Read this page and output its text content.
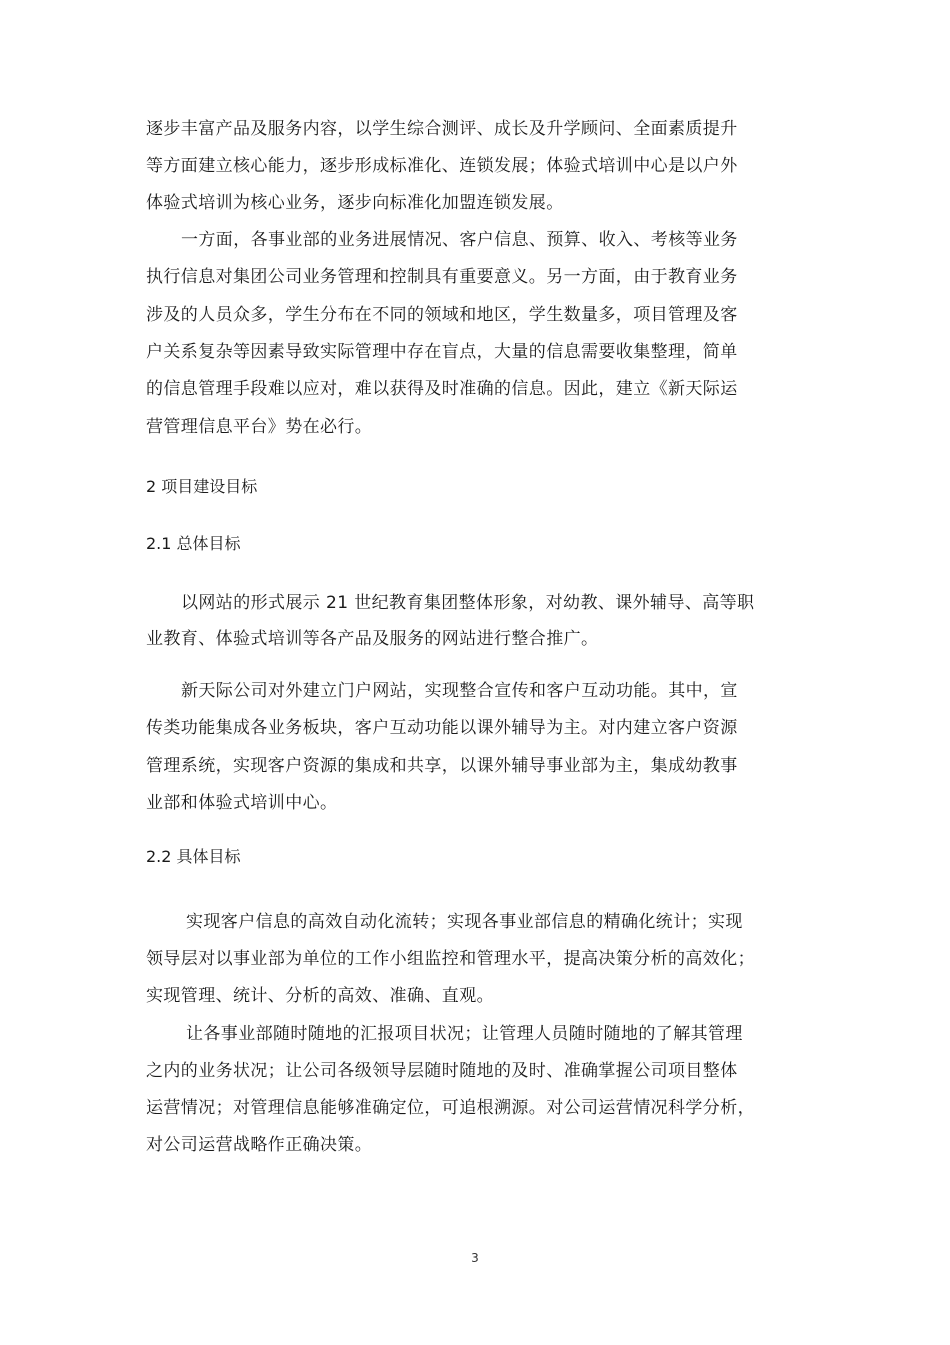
逐步丰富产品及服务内容，以学生综合测评、成长及升学顾问、全面素质提升
等方面建立核心能力，逐步形成标准化、连锁发展；体验式培训中心是以户外
体验式培训为核心业务，逐步向标准化加盟连锁发展。
一方面，各事业部的业务进展情况、客户信息、预算、收入、考核等业务
执行信息对集团公司业务管理和控制具有重要意义。另一方面，由于教育业务
涉及的人员众多，学生分布在不同的领域和地区，学生数量多，项目管理及客
户关系复杂等因素导致实际管理中存在盲点，大量的信息需要收集整理，简单
的信息管理手段难以应对，难以获得及时准确的信息。因此，建立《新天际运
营管理信息平台》势在必行。
2 项目建设目标
2.1 总体目标
以网站的形式展示 21 世纪教育集团整体形象，对幼教、课外辅导、高等职
业教育、体验式培训等各产品及服务的网站进行整合推广。
新天际公司对外建立门户网站，实现整合宣传和客户互动功能。其中，宣
传类功能集成各业务板块，客户互动功能以课外辅导为主。对内建立客户资源
管理系统，实现客户资源的集成和共享，以课外辅导事业部为主，集成幼教事
业部和体验式培训中心。
2.2 具体目标
实现客户信息的高效自动化流转；实现各事业部信息的精确化统计；实现
领导层对以事业部为单位的工作小组监控和管理水平，提高决策分析的高效化；
实现管理、统计、分析的高效、准确、直观。
让各事业部随时随地的汇报项目状况；让管理人员随时随地的了解其管理
之内的业务状况；让公司各级领导层随时随地的及时、准确掌握公司项目整体
运营情况；对管理信息能够准确定位，可追根溯源。对公司运营情况科学分析，
对公司运营战略作正确决策。
3
